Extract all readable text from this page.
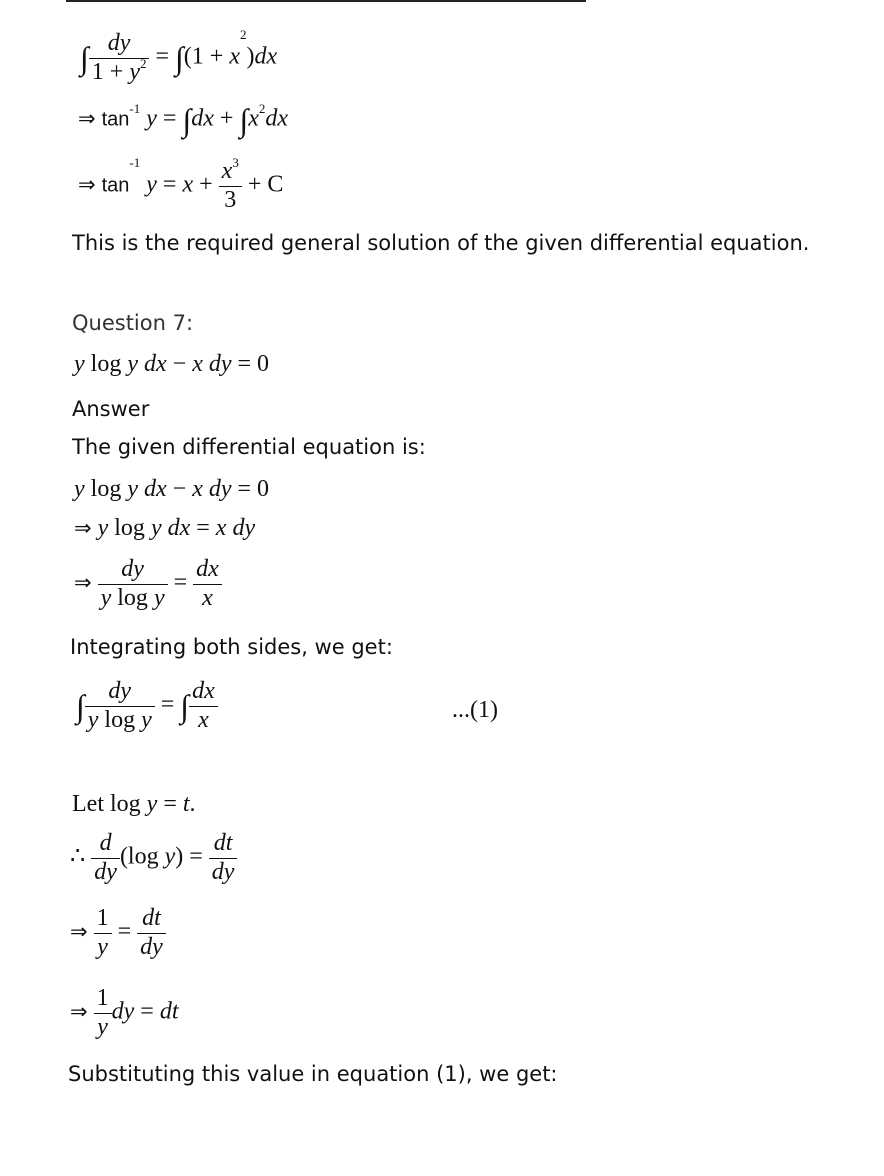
∫ $\frac{dy}{1 + y^2} = \int(1 + x^2)dx$
⇒ $\tan^{-1} y = \int dx + \int x^2dx$
⇒ $\tan^{-1} y = x + \frac{x^3}{3} + C$
This is the required general solution of the given differential equation.
Question 7:
y log y dx − x dy = 0
Answer
The given differential equation is:
y log y dx − x dy = 0
⇒ y log y dx = x dy
⇒ $\frac{dy}{\text{y log y}} = \frac{dx}{x}$
Integrating both sides, we get:
∫ $\frac{dy}{\text{y log y}}$ = ∫ $\frac{dx}{x}$	...(1)
Let log y = t.
∴ $\frac{d}{dy} (\log$ $y) = \frac{dt}{dy}$
⇒ $\frac{1}{y} = \frac{dt}{dy}$
⇒ $\frac{1}{y}$ dy = dt
Substituting this value in equation (1), we get:
